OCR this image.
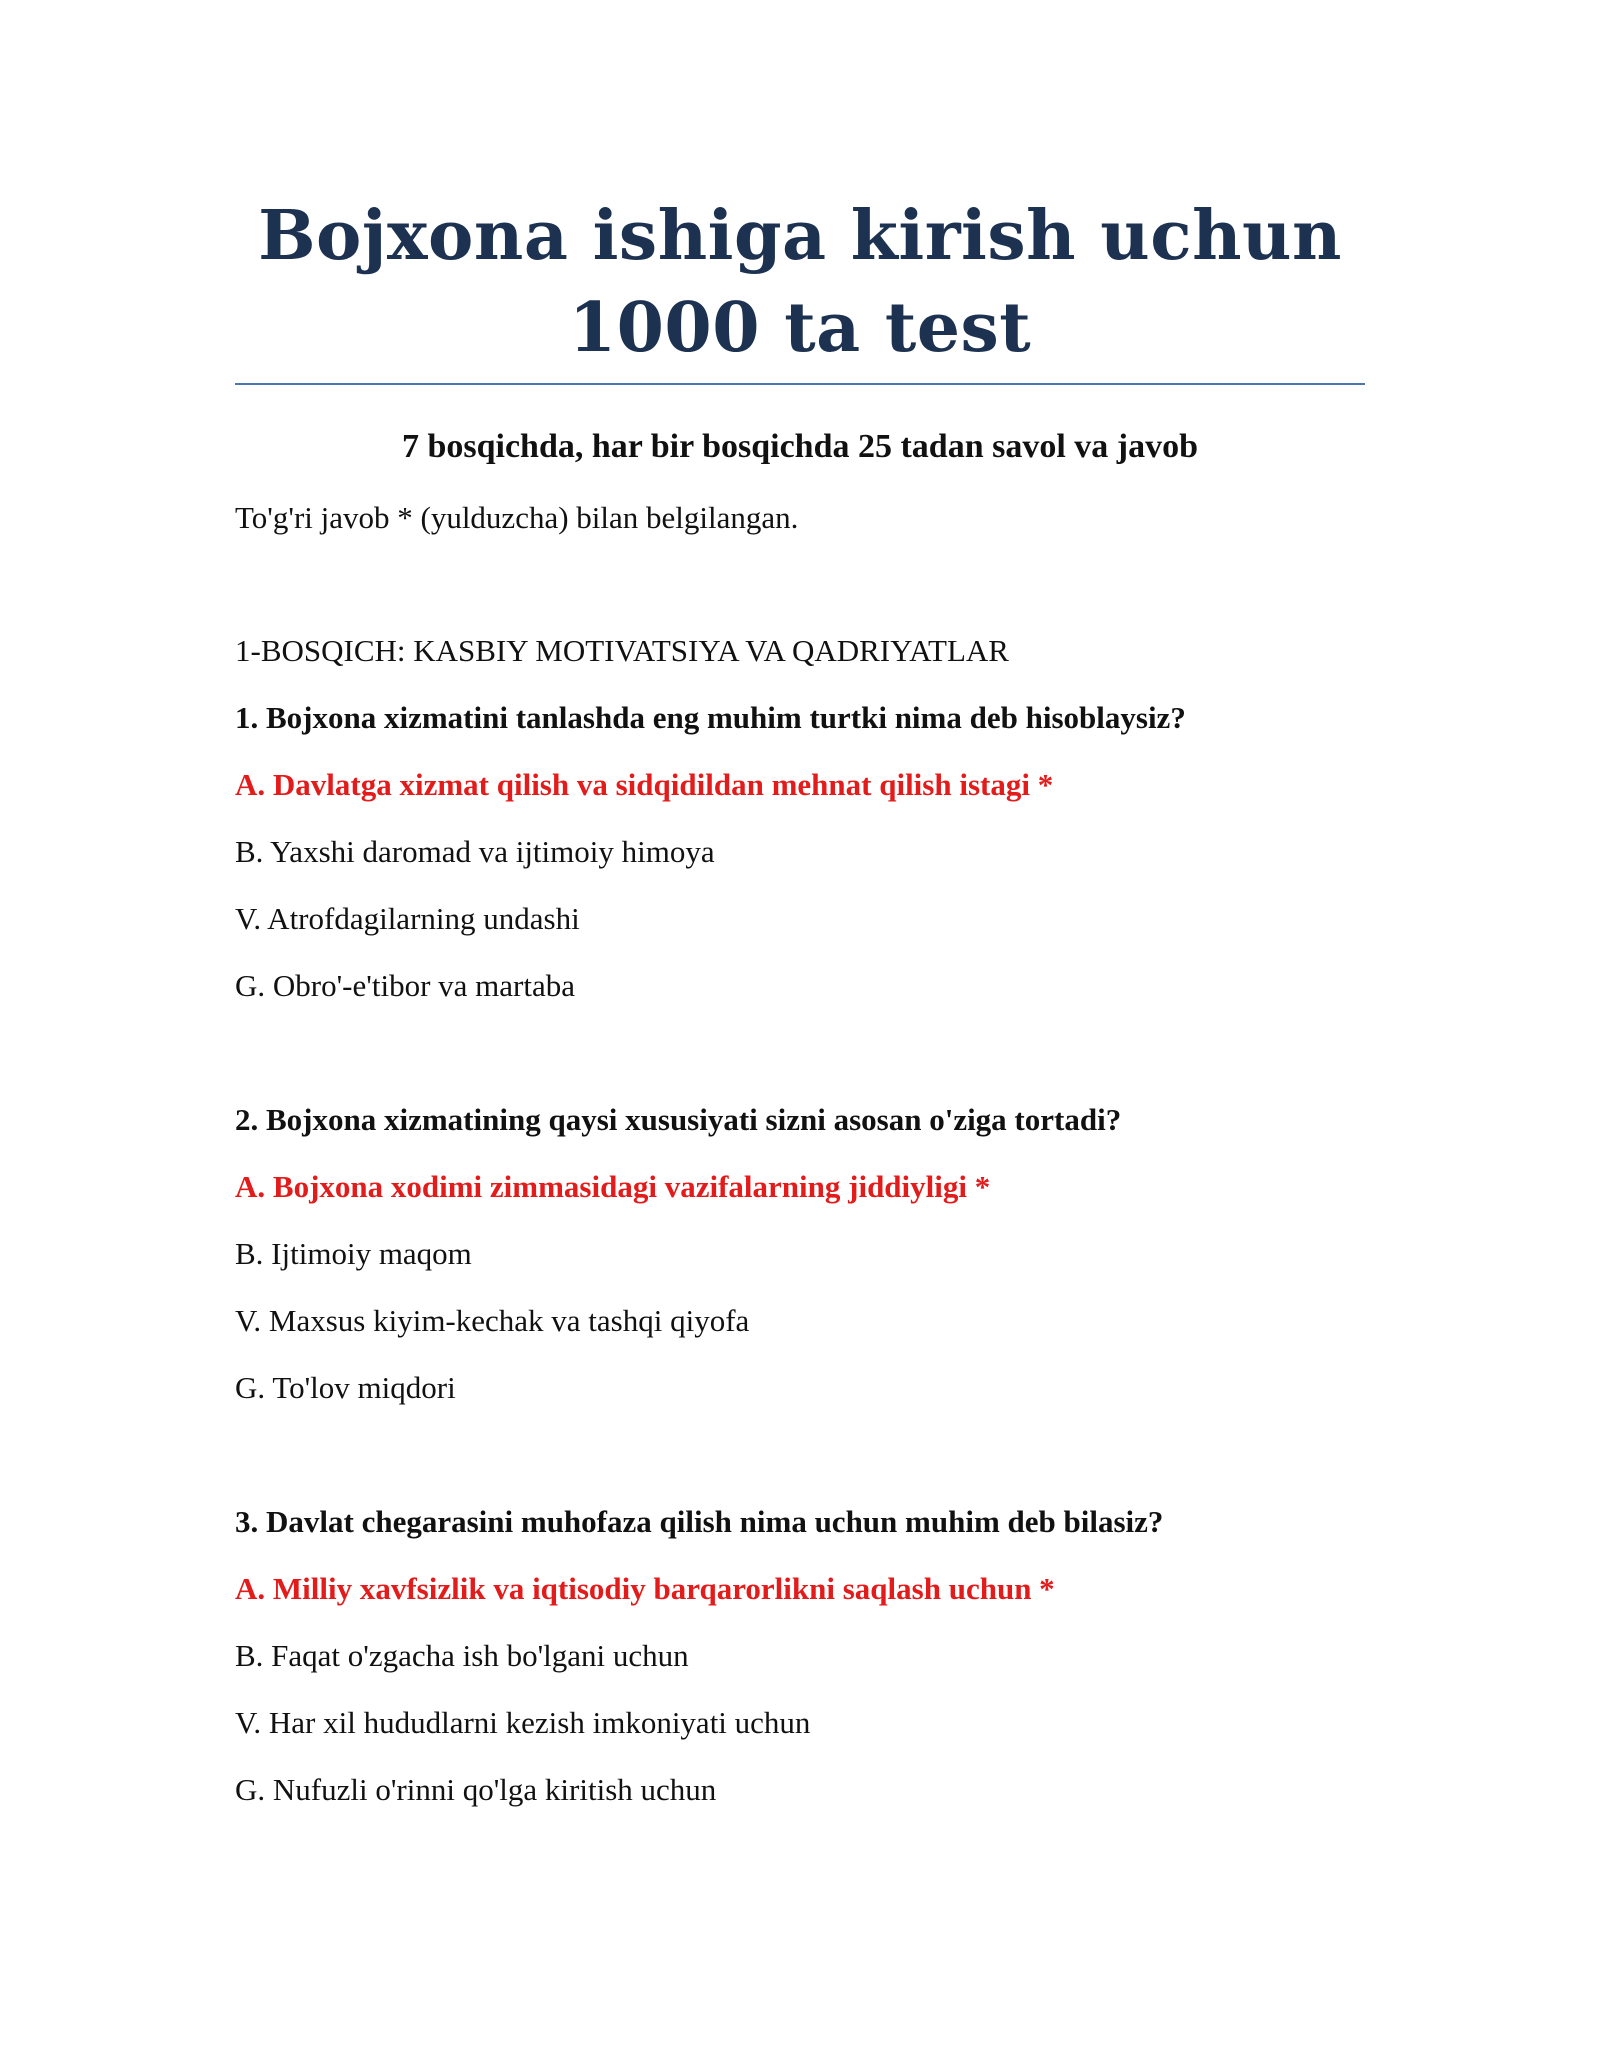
Bojxona ishiga kirish uchun
1000 ta test
7 bosqichda, har bir bosqichda 25 tadan savol va javob

To'g'ri javob * (yulduzcha) bilan belgilangan.

1-BOSQICH: KASBIY MOTIVATSIYA VA QADRIYATLAR

1. Bojxona xizmatini tanlashda eng muhim turtki nima deb hisoblaysiz?

A. Davlatga xizmat qilish va sidqidildan mehnat qilish istagi *

B. Yaxshi daromad va ijtimoiy himoya

V. Atrofdagilarning undashi

G. Obro'-e'tibor va martaba

2. Bojxona xizmatining qaysi xususiyati sizni asosan o'ziga tortadi?

A. Bojxona xodimi zimmasidagi vazifalarning jiddiyligi *

B. Ijtimoiy maqom

V. Maxsus kiyim-kechak va tashqi qiyofa

G. To'lov miqdori

3. Davlat chegarasini muhofaza qilish nima uchun muhim deb bilasiz?

A. Milliy xavfsizlik va iqtisodiy barqarorlikni saqlash uchun *

B. Faqat o'zgacha ish bo'lgani uchun

V. Har xil hududlarni kezish imkoniyati uchun

G. Nufuzli o'rinni qo'lga kiritish uchun
